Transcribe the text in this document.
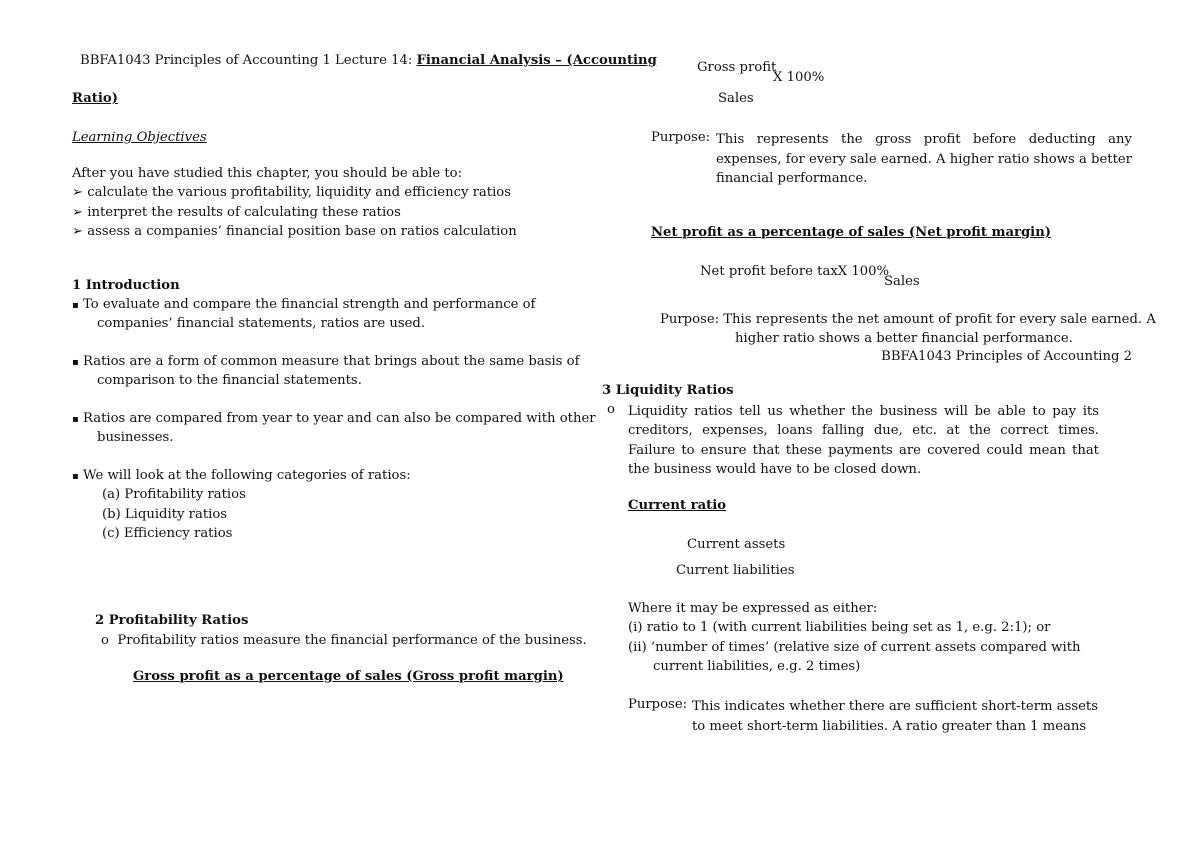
BBFA1043 Principles of Accounting 1 Lecture 14: Financial Analysis – (Accounting
Ratio)
Learning Objectives
After you have studied this chapter, you should be able to:
➢ calculate the various profitability, liquidity and efficiency ratios
➢ interpret the results of calculating these ratios
➢ assess a companies’ financial position base on ratios calculation
1 Introduction
▪ To evaluate and compare the financial strength and performance of
companies’ financial statements, ratios are used.
▪ Ratios are a form of common measure that brings about the same basis of
comparison to the financial statements.
▪ Ratios are compared from year to year and can also be compared with other
businesses.
▪ We will look at the following categories of ratios:
(a) Profitability ratios
(b) Liquidity ratios
(c) Efficiency ratios
2 Profitability Ratios
o Profitability ratios measure the financial performance of the business.
Gross profit as a percentage of sales (Gross profit margin)
Gross profit
X 100%
Sales
Purpose: This represents the gross profit before deducting any expenses, for every sale earned. A higher ratio shows a better financial performance.
Net profit as a percentage of sales (Net profit margin)
Net profit before taxX 100%
Sales
Purpose: This represents the net amount of profit for every sale earned. A
higher ratio shows a better financial performance.
BBFA1043 Principles of Accounting 2
3 Liquidity Ratios
o Liquidity ratios tell us whether the business will be able to pay its creditors, expenses, loans falling due, etc. at the correct times. Failure to ensure that these payments are covered could mean that the business would have to be closed down.
Current ratio
Current assets
Current liabilities
Where it may be expressed as either:
(i) ratio to 1 (with current liabilities being set as 1, e.g. 2:1); or
(ii) ‘number of times’ (relative size of current assets compared with
current liabilities, e.g. 2 times)
Purpose: This indicates whether there are sufficient short-term assets to meet short-term liabilities. A ratio greater than 1 means
